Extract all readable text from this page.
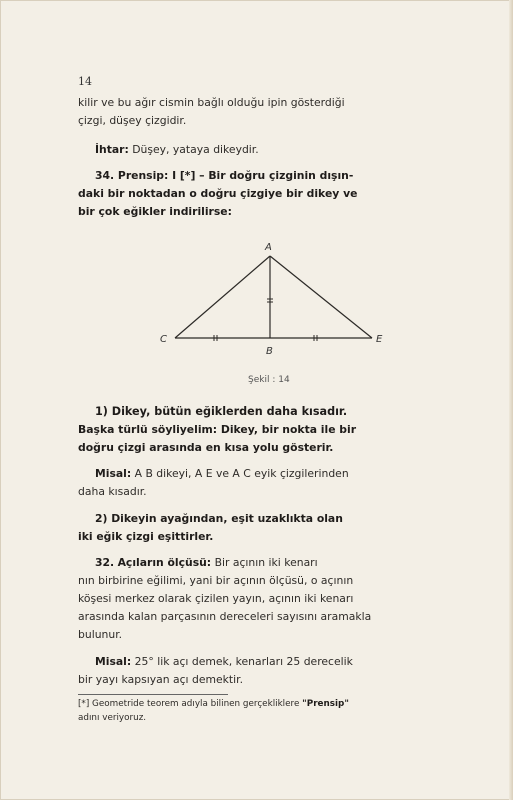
14
kilir ve bu ağır cismin bağlı olduğu ipin gösterdiği
çizgi, düşey çizgidir.
İhtar: Düşey, yataya dikeydir.
34. Prensip: I [*] – Bir doğru çizginin dışın-
daki bir noktadan o doğru çizgiye bir dikey ve
bir çok eğikler indirilirse:
A
B
C	E
Şekil : 14
1) Dikey, bütün eğiklerden daha kısadır.
Başka türlü söyliyelim: Dikey, bir nokta ile bir
doğru çizgi arasında en kısa yolu gösterir.
Misal: A B dikeyi, A E ve A C eyik çizgilerinden
daha kısadır.
2) Dikeyin ayağından, eşit uzaklıkta olan
iki eğik çizgi eşittirler.
32. Açıların ölçüsü: Bir açının iki kenarı
nın birbirine eğilimi, yani bir açının ölçüsü, o açının
köşesi merkez olarak çizilen yayın, açının iki kenarı
arasında kalan parçasının dereceleri sayısını aramakla
bulunur.
Misal: 25° lik açı demek, kenarları 25 derecelik
bir yayı kapsıyan açı demektir.
[*] Geometride teorem adıyla bilinen gerçekliklere "Prensip"
adını veriyoruz.
